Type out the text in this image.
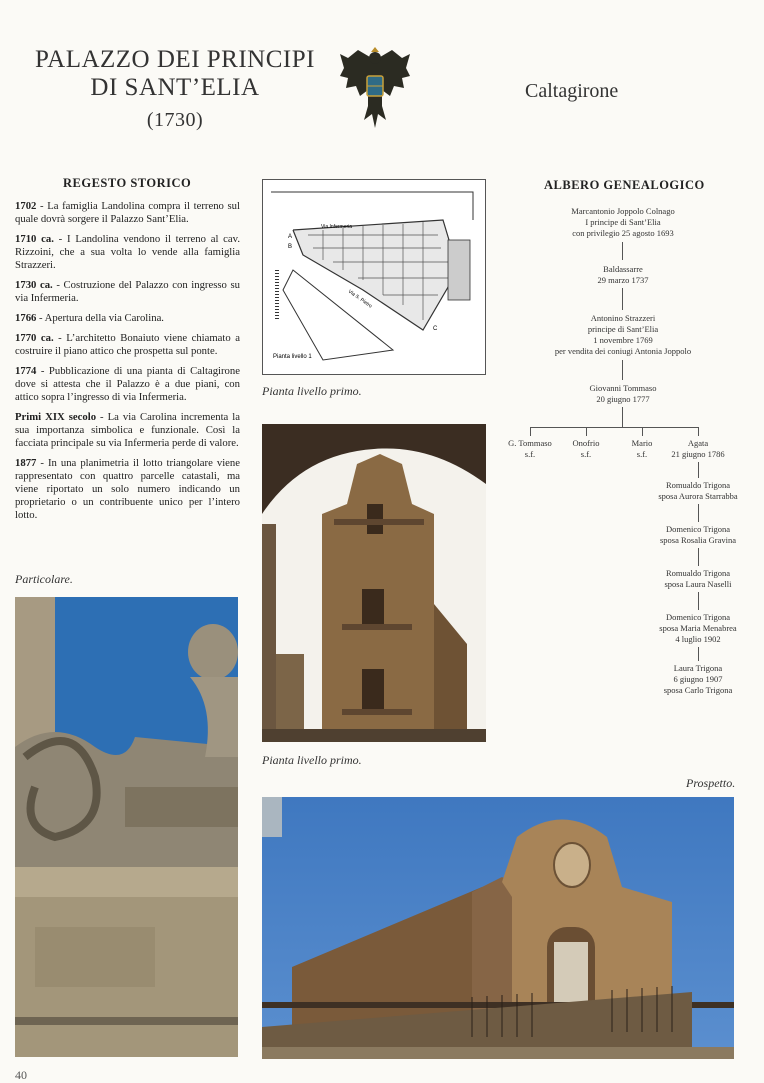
PALAZZO DEI PRINCIPI
DI SANT’ELIA
(1730)
Caltagirone
REGESTO STORICO

1702 - La famiglia Landolina compra il terreno sul quale dovrà sorgere il Palazzo Sant’Elia.

1710 ca. - I Landolina vendono il terreno al cav. Rizzoini, che a sua volta lo vende alla famiglia Strazzeri.

1730 ca. - Costruzione del Palazzo con ingresso su via Infermeria.

1766 - Apertura della via Carolina.

1770 ca. - L’architetto Bonaiuto viene chiamato a costruire il piano attico che prospetta sul ponte.

1774 - Pubblicazione di una pianta di Caltagirone dove si attesta che il Palazzo è a due piani, con attico sopra l’ingresso di via Infermeria.

Primi XIX secolo - La via Carolina incrementa la sua importanza simbolica e funzionale. Così la facciata principale su via Infermeria perde di valore.

1877 - In una planimetria il lotto triangolare viene rappresentato con quattro parcelle catastali, ma viene riportato un solo numero indicando un proprietario o un contribuente unico per l’intero lotto.

Particolare.
Via Infermeria
Via S. Pietro
A
B
C
Pianta livello 1
Pianta livello primo.
Pianta livello primo.
ALBERO GENEALOGICO
Marcantonio Joppolo Colnago
I principe di Sant’Elia
con privilegio 25 agosto 1693
Baldassarre
29 marzo 1737
Antonino Strazzeri
principe di Sant’Elia
1 novembre 1769
per vendita dei coniugi Antonia Joppolo
Giovanni Tommaso
20 giugno 1777
G. Tommaso
s.f.
Onofrio
s.f.
Mario
s.f.
Agata
21 giugno 1786
Romualdo Trigona
sposa Aurora Starrabba
Domenico Trigona
sposa Rosalia Gravina
Romualdo Trigona
sposa Laura Naselli
Domenico Trigona
sposa Maria Menabrea
4 luglio 1902
Laura Trigona
6 giugno 1907
sposa Carlo Trigona
Prospetto.
40
